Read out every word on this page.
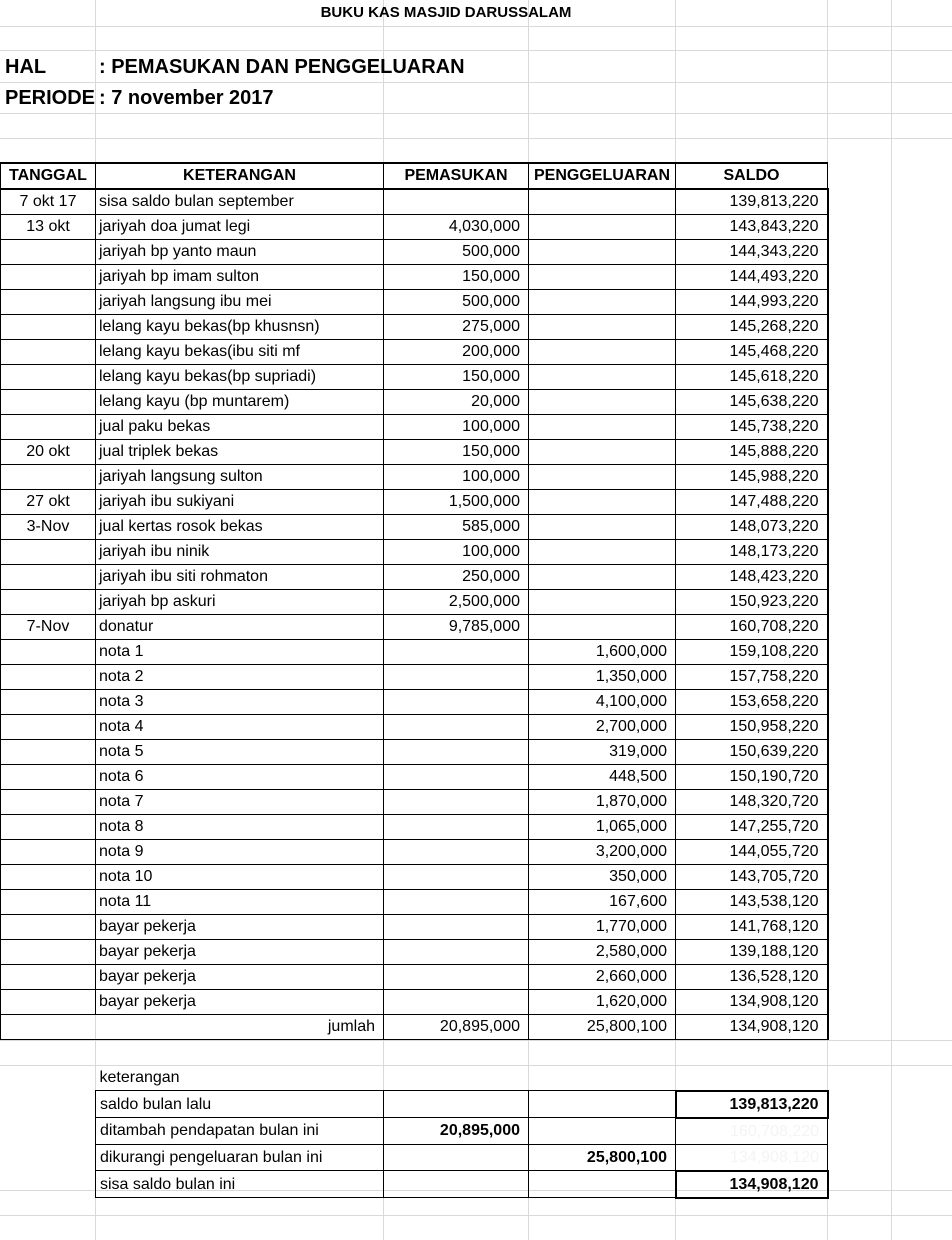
BUKU KAS MASJID DARUSSALAM
HAL	: PEMASUKAN DAN PENGGELUARAN
PERIODE : 7 november 2017
TANGGAL	KETERANGAN	PEMASUKAN	PENGGELUARAN	SALDO
7 okt 17	sisa saldo bulan september			139,813,220
13 okt	jariyah doa jumat legi	4,030,000		143,843,220
	jariyah bp yanto maun	500,000		144,343,220
	jariyah bp imam sulton	150,000		144,493,220
	jariyah langsung ibu mei	500,000		144,993,220
	lelang kayu bekas(bp khusnsn)	275,000		145,268,220
	lelang kayu bekas(ibu siti mf	200,000		145,468,220
	lelang kayu bekas(bp supriadi)	150,000		145,618,220
	lelang kayu (bp muntarem)	20,000		145,638,220
	jual paku bekas	100,000		145,738,220
20 okt	jual triplek bekas	150,000		145,888,220
	jariyah langsung sulton	100,000		145,988,220
27 okt	jariyah ibu sukiyani	1,500,000		147,488,220
3-Nov	jual kertas rosok bekas	585,000		148,073,220
	jariyah ibu ninik	100,000		148,173,220
	jariyah ibu siti rohmaton	250,000		148,423,220
	jariyah bp askuri	2,500,000		150,923,220
7-Nov	donatur	9,785,000		160,708,220
	nota 1		1,600,000	159,108,220
	nota 2		1,350,000	157,758,220
	nota 3		4,100,000	153,658,220
	nota 4		2,700,000	150,958,220
	nota 5		319,000	150,639,220
	nota 6		448,500	150,190,720
	nota 7		1,870,000	148,320,720
	nota 8		1,065,000	147,255,720
	nota 9		3,200,000	144,055,720
	nota 10		350,000	143,705,720
	nota 11		167,600	143,538,120
	bayar pekerja		1,770,000	141,768,120
	bayar pekerja		2,580,000	139,188,120
	bayar pekerja		2,660,000	136,528,120
	bayar pekerja		1,620,000	134,908,120
jumlah		20,895,000	25,800,100	134,908,120
keterangan			
saldo bulan lalu			139,813,220
ditambah pendapatan bulan ini	20,895,000		160,708,220
dikurangi pengeluaran bulan ini		25,800,100	134,908,120
sisa saldo bulan ini			134,908,120
